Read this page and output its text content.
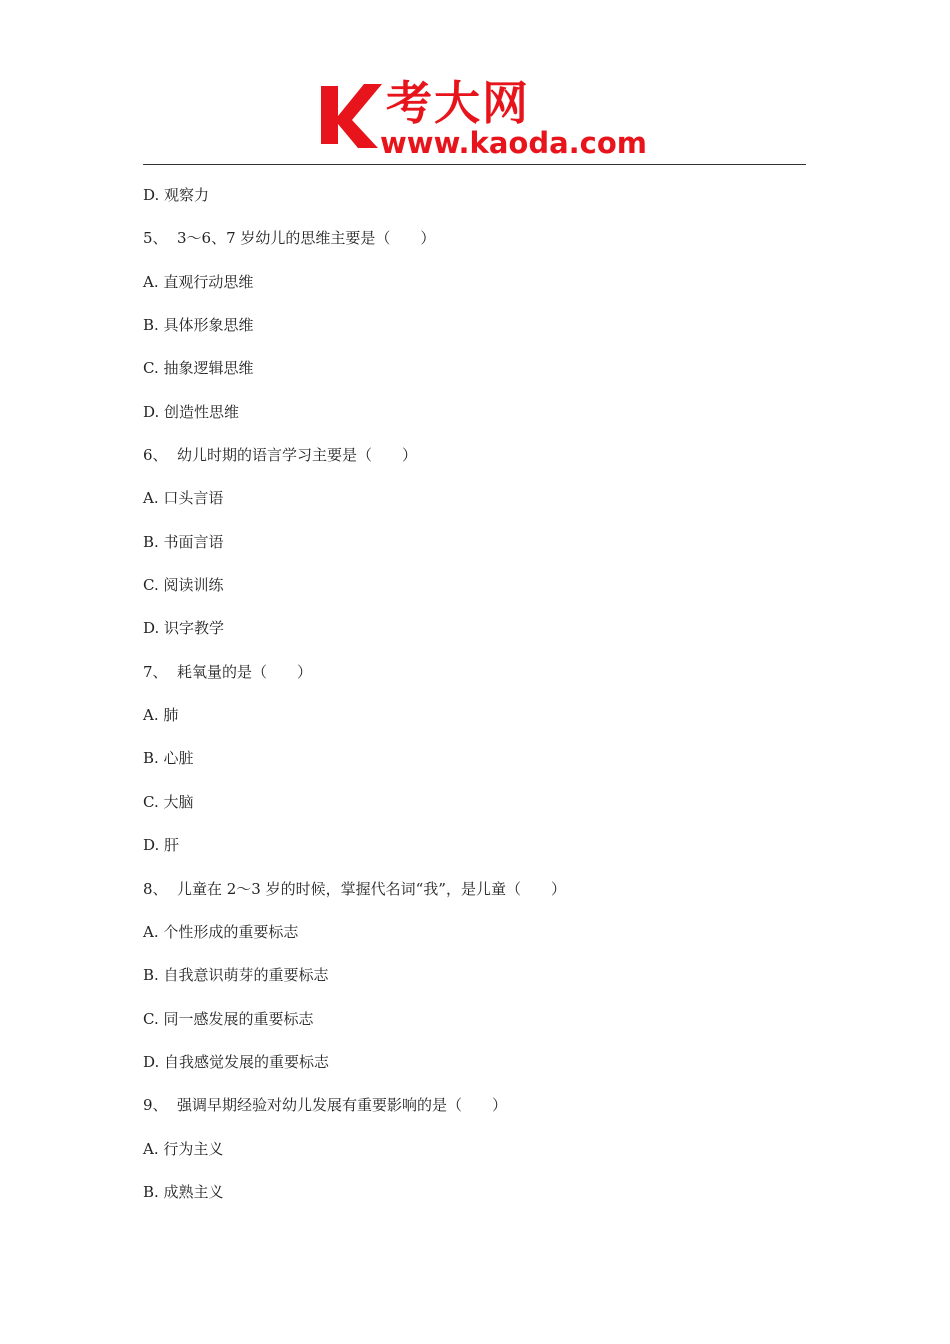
考大网
www.kaoda.com
D. 观察力
5、 3～6、7 岁幼儿的思维主要是（　　）
A. 直观行动思维
B. 具体形象思维
C. 抽象逻辑思维
D. 创造性思维
6、 幼儿时期的语言学习主要是（　　）
A. 口头言语
B. 书面言语
C. 阅读训练
D. 识字教学
7、 耗氧量的是（　　）
A. 肺
B. 心脏
C. 大脑
D. 肝
8、 儿童在 2～3 岁的时候，掌握代名词“我”，是儿童（　　）
A. 个性形成的重要标志
B. 自我意识萌芽的重要标志
C. 同一感发展的重要标志
D. 自我感觉发展的重要标志
9、 强调早期经验对幼儿发展有重要影响的是（　　）
A. 行为主义
B. 成熟主义
